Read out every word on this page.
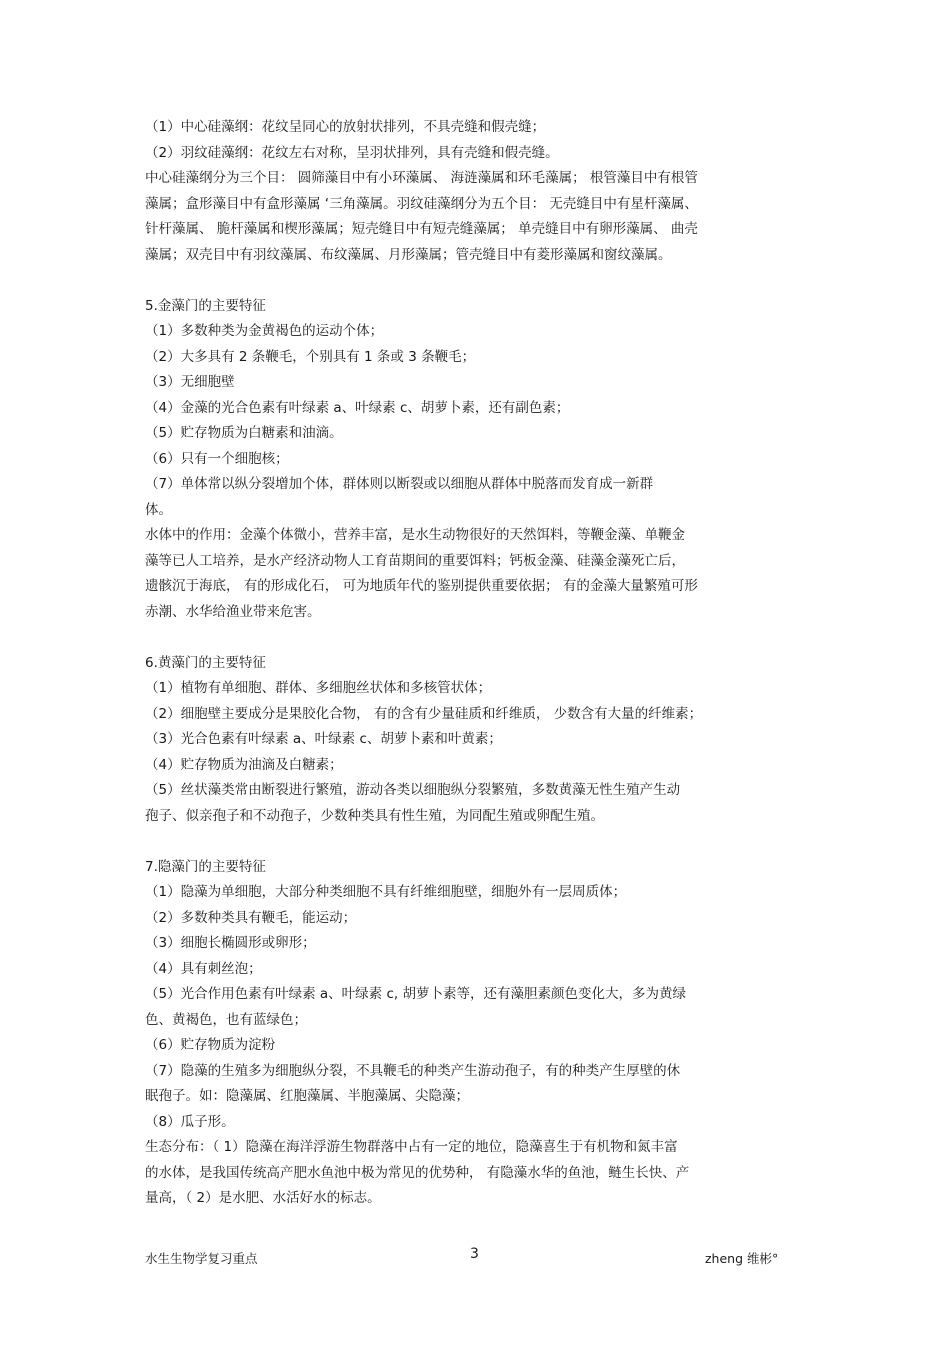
（1）中心硅藻纲：花纹呈同心的放射状排列，不具壳缝和假壳缝；
（2）羽纹硅藻纲：花纹左右对称，呈羽状排列，具有壳缝和假壳缝。
中心硅藻纲分为三个目： 圆筛藻目中有小环藻属、 海涟藻属和环毛藻属； 根管藻目中有根管
藻属；盒形藻目中有盒形藻属 ‘三角藻属。羽纹硅藻纲分为五个目： 无壳缝目中有星杆藻属、
针杆藻属、 脆杆藻属和楔形藻属；短壳缝目中有短壳缝藻属； 单壳缝目中有卵形藻属、 曲壳
藻属；双壳目中有羽纹藻属、布纹藻属、月形藻属；管壳缝目中有菱形藻属和窗纹藻属。
5.金藻门的主要特征
（1）多数种类为金黄褐色的运动个体；
（2）大多具有 2 条鞭毛，个别具有 1 条或 3 条鞭毛；
（3）无细胞壁
（4）金藻的光合色素有叶绿素 a、叶绿素 c、胡萝卜素，还有副色素；
（5）贮存物质为白糖素和油滴。
（6）只有一个细胞核；
（7）单体常以纵分裂增加个体，群体则以断裂或以细胞从群体中脱落而发育成一新群
体。
水体中的作用：金藻个体微小，营养丰富，是水生动物很好的天然饵料，等鞭金藻、单鞭金
藻等已人工培养，是水产经济动物人工育苗期间的重要饵料；钙板金藻、硅藻金藻死亡后，
遗骸沉于海底， 有的形成化石， 可为地质年代的鉴别提供重要依据； 有的金藻大量繁殖可形
赤潮、水华给渔业带来危害。
6.黄藻门的主要特征
（1）植物有单细胞、群体、多细胞丝状体和多核管状体；
（2）细胞壁主要成分是果胶化合物， 有的含有少量硅质和纤维质， 少数含有大量的纤维素；
（3）光合色素有叶绿素 a、叶绿素 c、胡萝卜素和叶黄素；
（4）贮存物质为油滴及白糖素；
（5）丝状藻类常由断裂进行繁殖，游动各类以细胞纵分裂繁殖，多数黄藻无性生殖产生动
孢子、似亲孢子和不动孢子，少数种类具有性生殖，为同配生殖或卵配生殖。
7.隐藻门的主要特征
（1）隐藻为单细胞，大部分种类细胞不具有纤维细胞壁，细胞外有一层周质体；
（2）多数种类具有鞭毛，能运动；
（3）细胞长椭圆形或卵形；
（4）具有刺丝泡；
（5）光合作用色素有叶绿素 a、叶绿素 c, 胡萝卜素等，还有藻胆素颜色变化大，多为黄绿
色、黄褐色，也有蓝绿色；
（6）贮存物质为淀粉
（7）隐藻的生殖多为细胞纵分裂，不具鞭毛的种类产生游动孢子，有的种类产生厚壁的休
眠孢子。如：隐藻属、红胞藻属、半胞藻属、尖隐藻；
（8）瓜子形。
生态分布：（ 1）隐藻在海洋浮游生物群落中占有一定的地位，隐藻喜生于有机物和氮丰富
的水体，是我国传统高产肥水鱼池中极为常见的优势种， 有隐藻水华的鱼池，鲢生长快、产
量高，（ 2）是水肥、水活好水的标志。
水生生物学复习重点	3	zheng 维彬°
